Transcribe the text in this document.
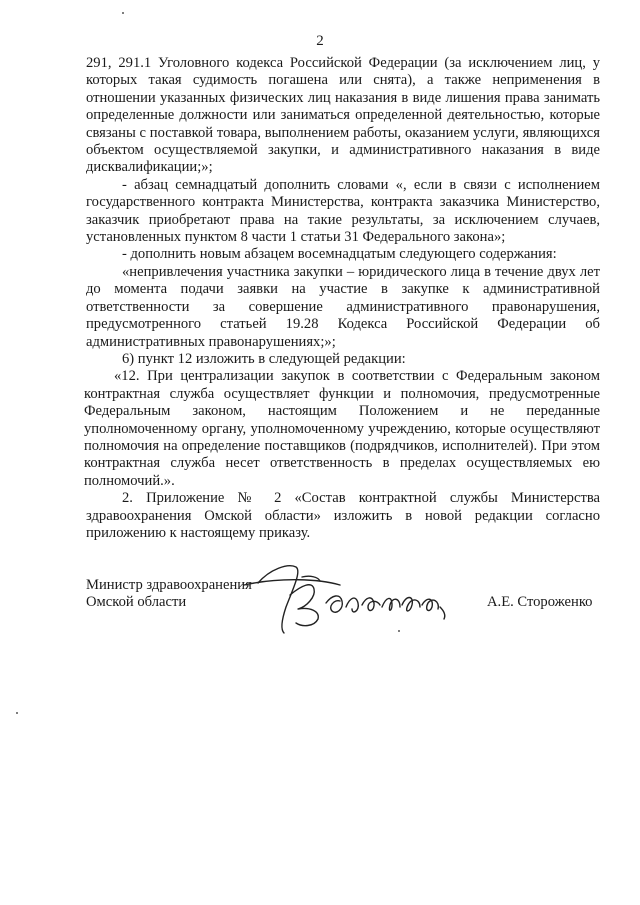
2

291, 291.1 Уголовного кодекса Российской Федерации (за исключением лиц, у которых такая судимость погашена или снята), а также неприменения в отношении указанных физических лиц наказания в виде лишения права занимать определенные должности или заниматься определенной деятельностью, которые связаны с поставкой товара, выполнением работы, оказанием услуги, являющихся объектом осуществляемой закупки, и административного наказания в виде дисквалификации;»;

- абзац семнадцатый дополнить словами «, если в связи с исполнением государственного контракта Министерства, контракта заказчика Министерство, заказчик приобретают права на такие результаты, за исключением случаев, установленных пунктом 8 части 1 статьи 31 Федерального закона»;

- дополнить новым абзацем восемнадцатым следующего содержания:

«непривлечения участника закупки – юридического лица в течение двух лет до момента подачи заявки на участие в закупке к административной ответственности за совершение административного правонарушения, предусмотренного статьей 19.28 Кодекса Российской Федерации об административных правонарушениях;»;

6) пункт 12 изложить в следующей редакции:

«12. При централизации закупок в соответствии с Федеральным законом контрактная служба осуществляет функции и полномочия, предусмотренные Федеральным законом, настоящим Положением и не переданные уполномоченному органу, уполномоченному учреждению, которые осуществляют полномочия на определение поставщиков (подрядчиков, исполнителей). При этом контрактная служба несет ответственность в пределах осуществляемых ею полномочий.».

2. Приложение № 2 «Состав контрактной службы Министерства здравоохранения Омской области» изложить в новой редакции согласно приложению к настоящему приказу.

Министр здравоохранения
Омской области	А.Е. Стороженко
